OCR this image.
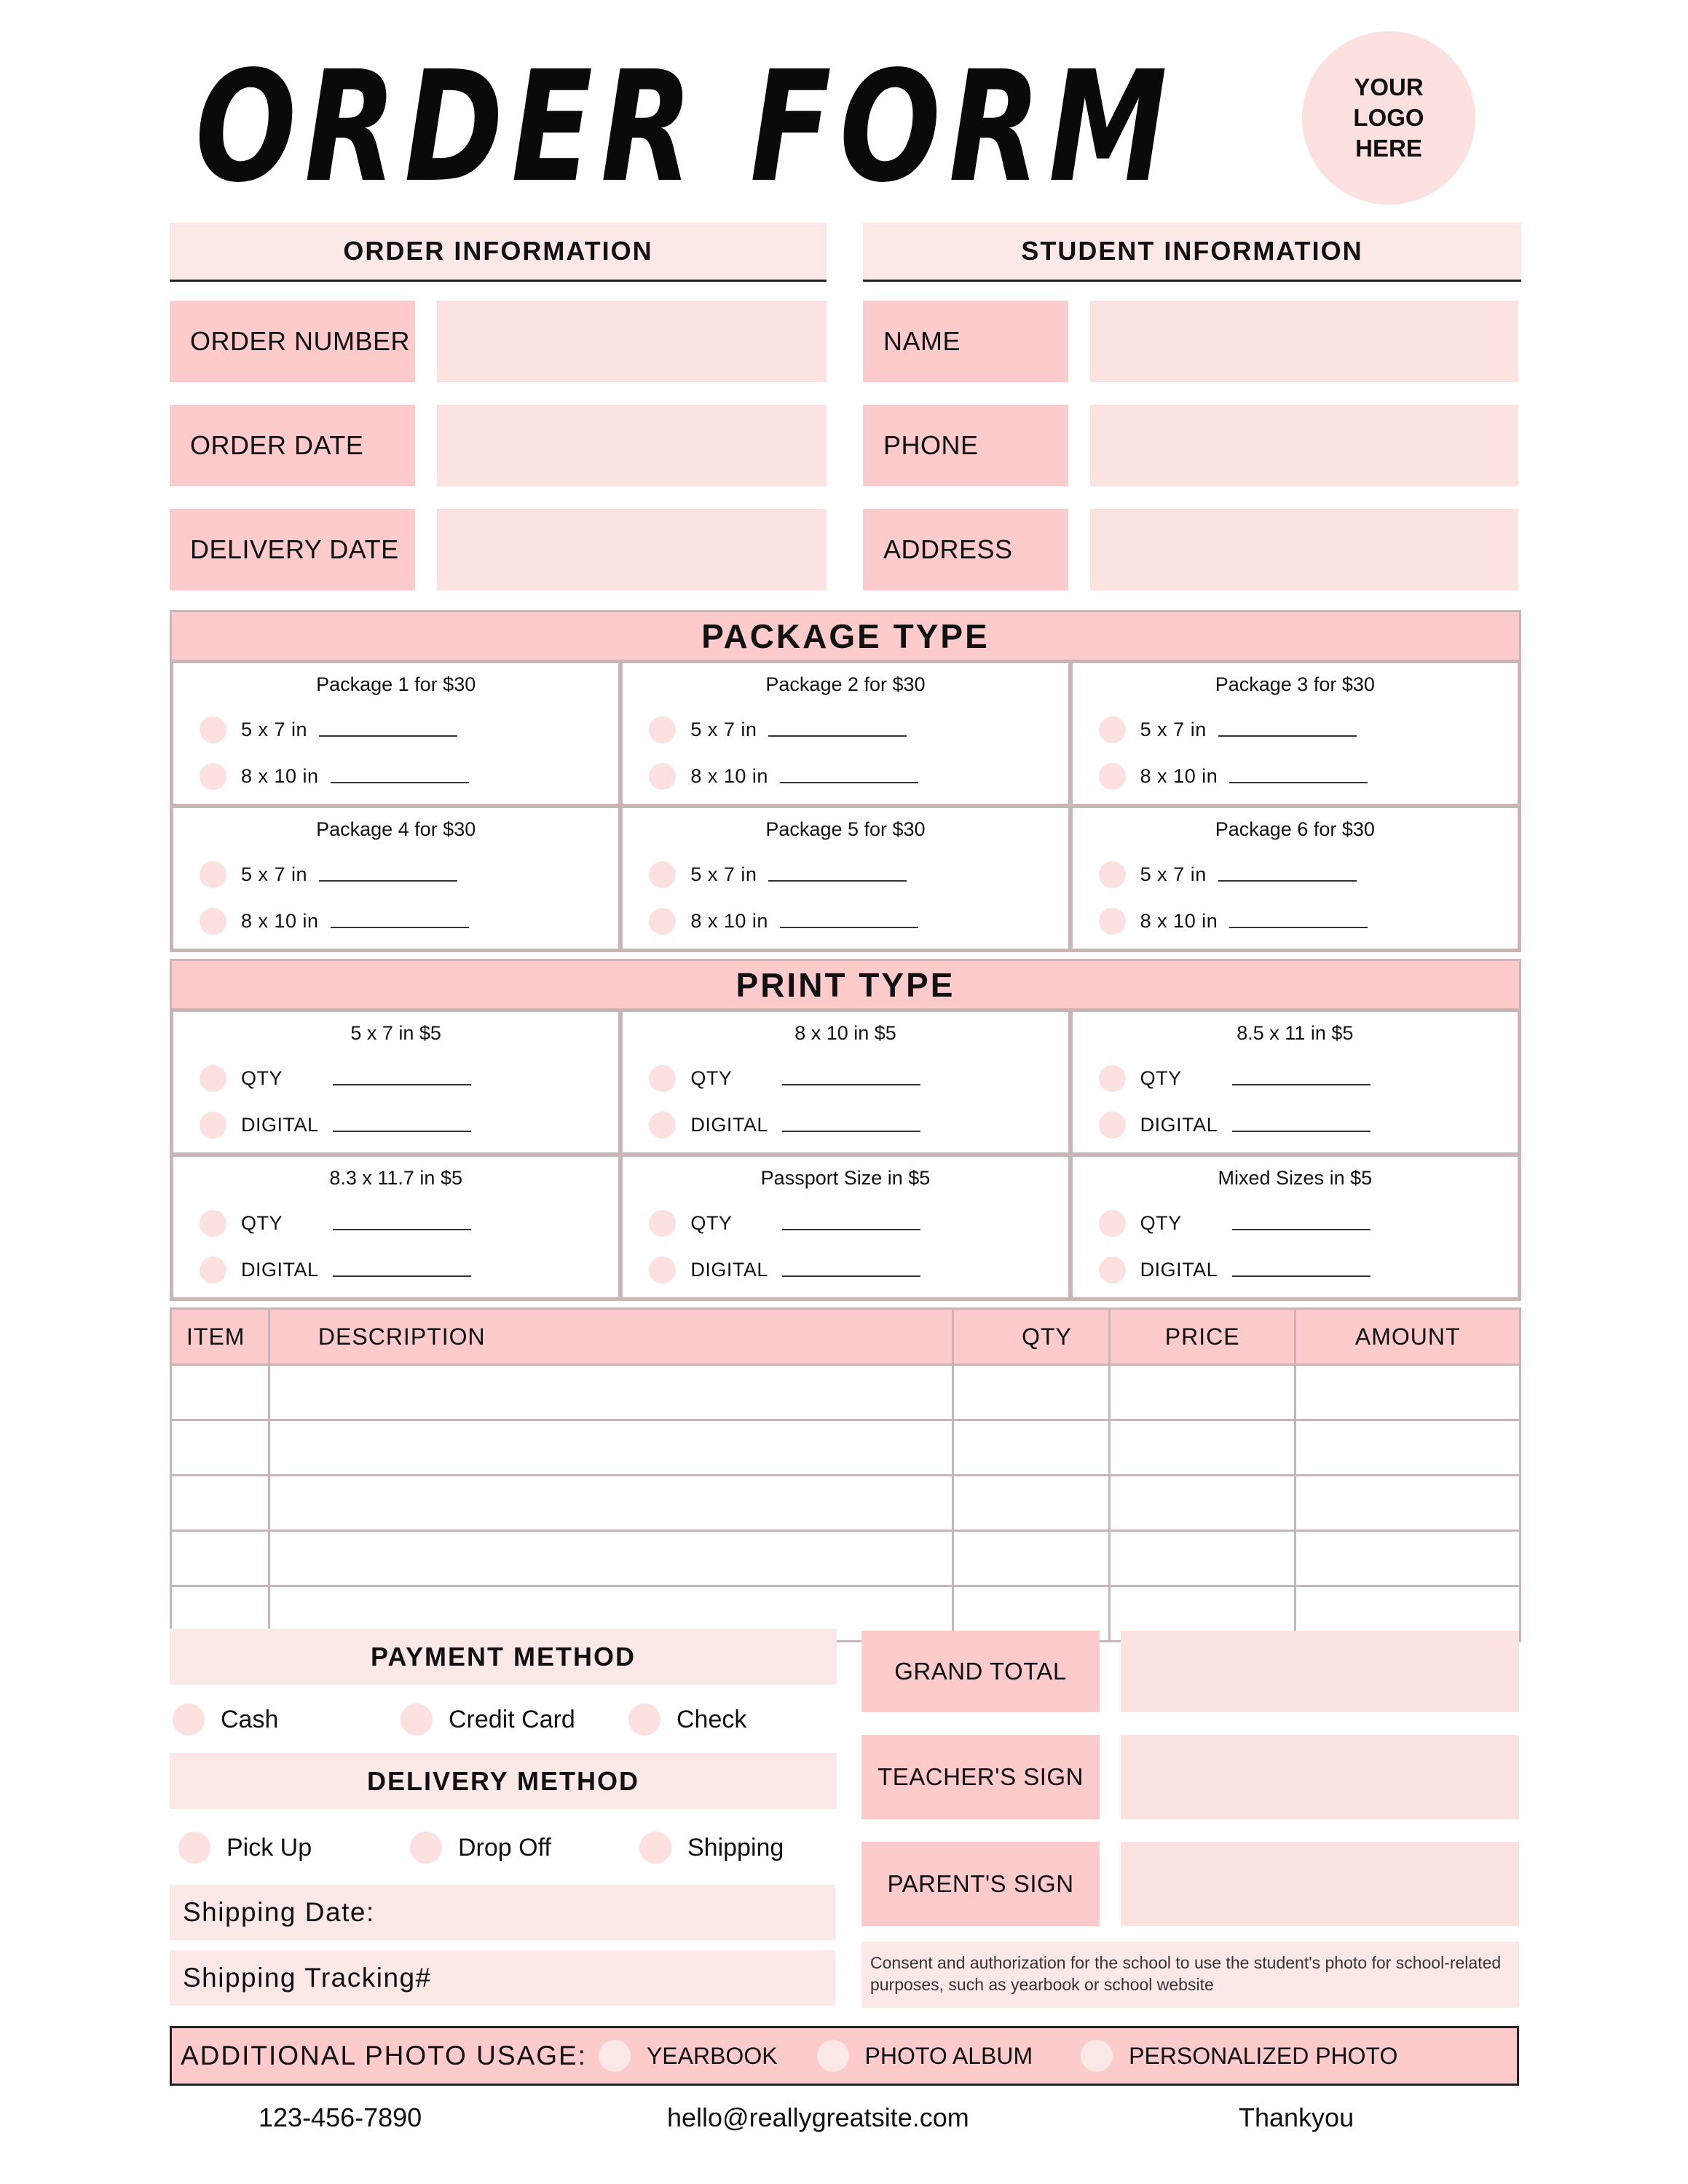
ORDER FORM	YOUR LOGO HERE
ORDER INFORMATION
ORDER NUMBER
ORDER DATE
DELIVERY DATE
STUDENT INFORMATION
NAME
PHONE
ADDRESS
PACKAGE TYPE
Package 1 for $30
5 x 7 in
8 x 10 in
Package 2 for $30
5 x 7 in
8 x 10 in
Package 3 for $30
5 x 7 in
8 x 10 in
Package 4 for $30
5 x 7 in
8 x 10 in
Package 5 for $30
5 x 7 in
8 x 10 in
Package 6 for $30
5 x 7 in
8 x 10 in
PRINT TYPE
5 x 7 in $5
QTY
DIGITAL
8 x 10 in $5
QTY
DIGITAL
8.5 x 11 in $5
QTY
DIGITAL
8.3 x 11.7 in $5
QTY
DIGITAL
Passport Size in $5
QTY
DIGITAL
Mixed Sizes in $5
QTY
DIGITAL
ITEM	DESCRIPTION	QTY	PRICE	AMOUNT

PAYMENT METHOD
Cash	Credit Card	Check
DELIVERY METHOD
Pick Up	Drop Off	Shipping
Shipping Date:
Shipping Tracking#
GRAND TOTAL
TEACHER'S SIGN
PARENT'S SIGN
Consent and authorization for the school to use the student's photo for school-related purposes, such as yearbook or school website
ADDITIONAL PHOTO USAGE:	YEARBOOK	PHOTO ALBUM	PERSONALIZED PHOTO
123-456-7890	hello@reallygreatsite.com	Thankyou
